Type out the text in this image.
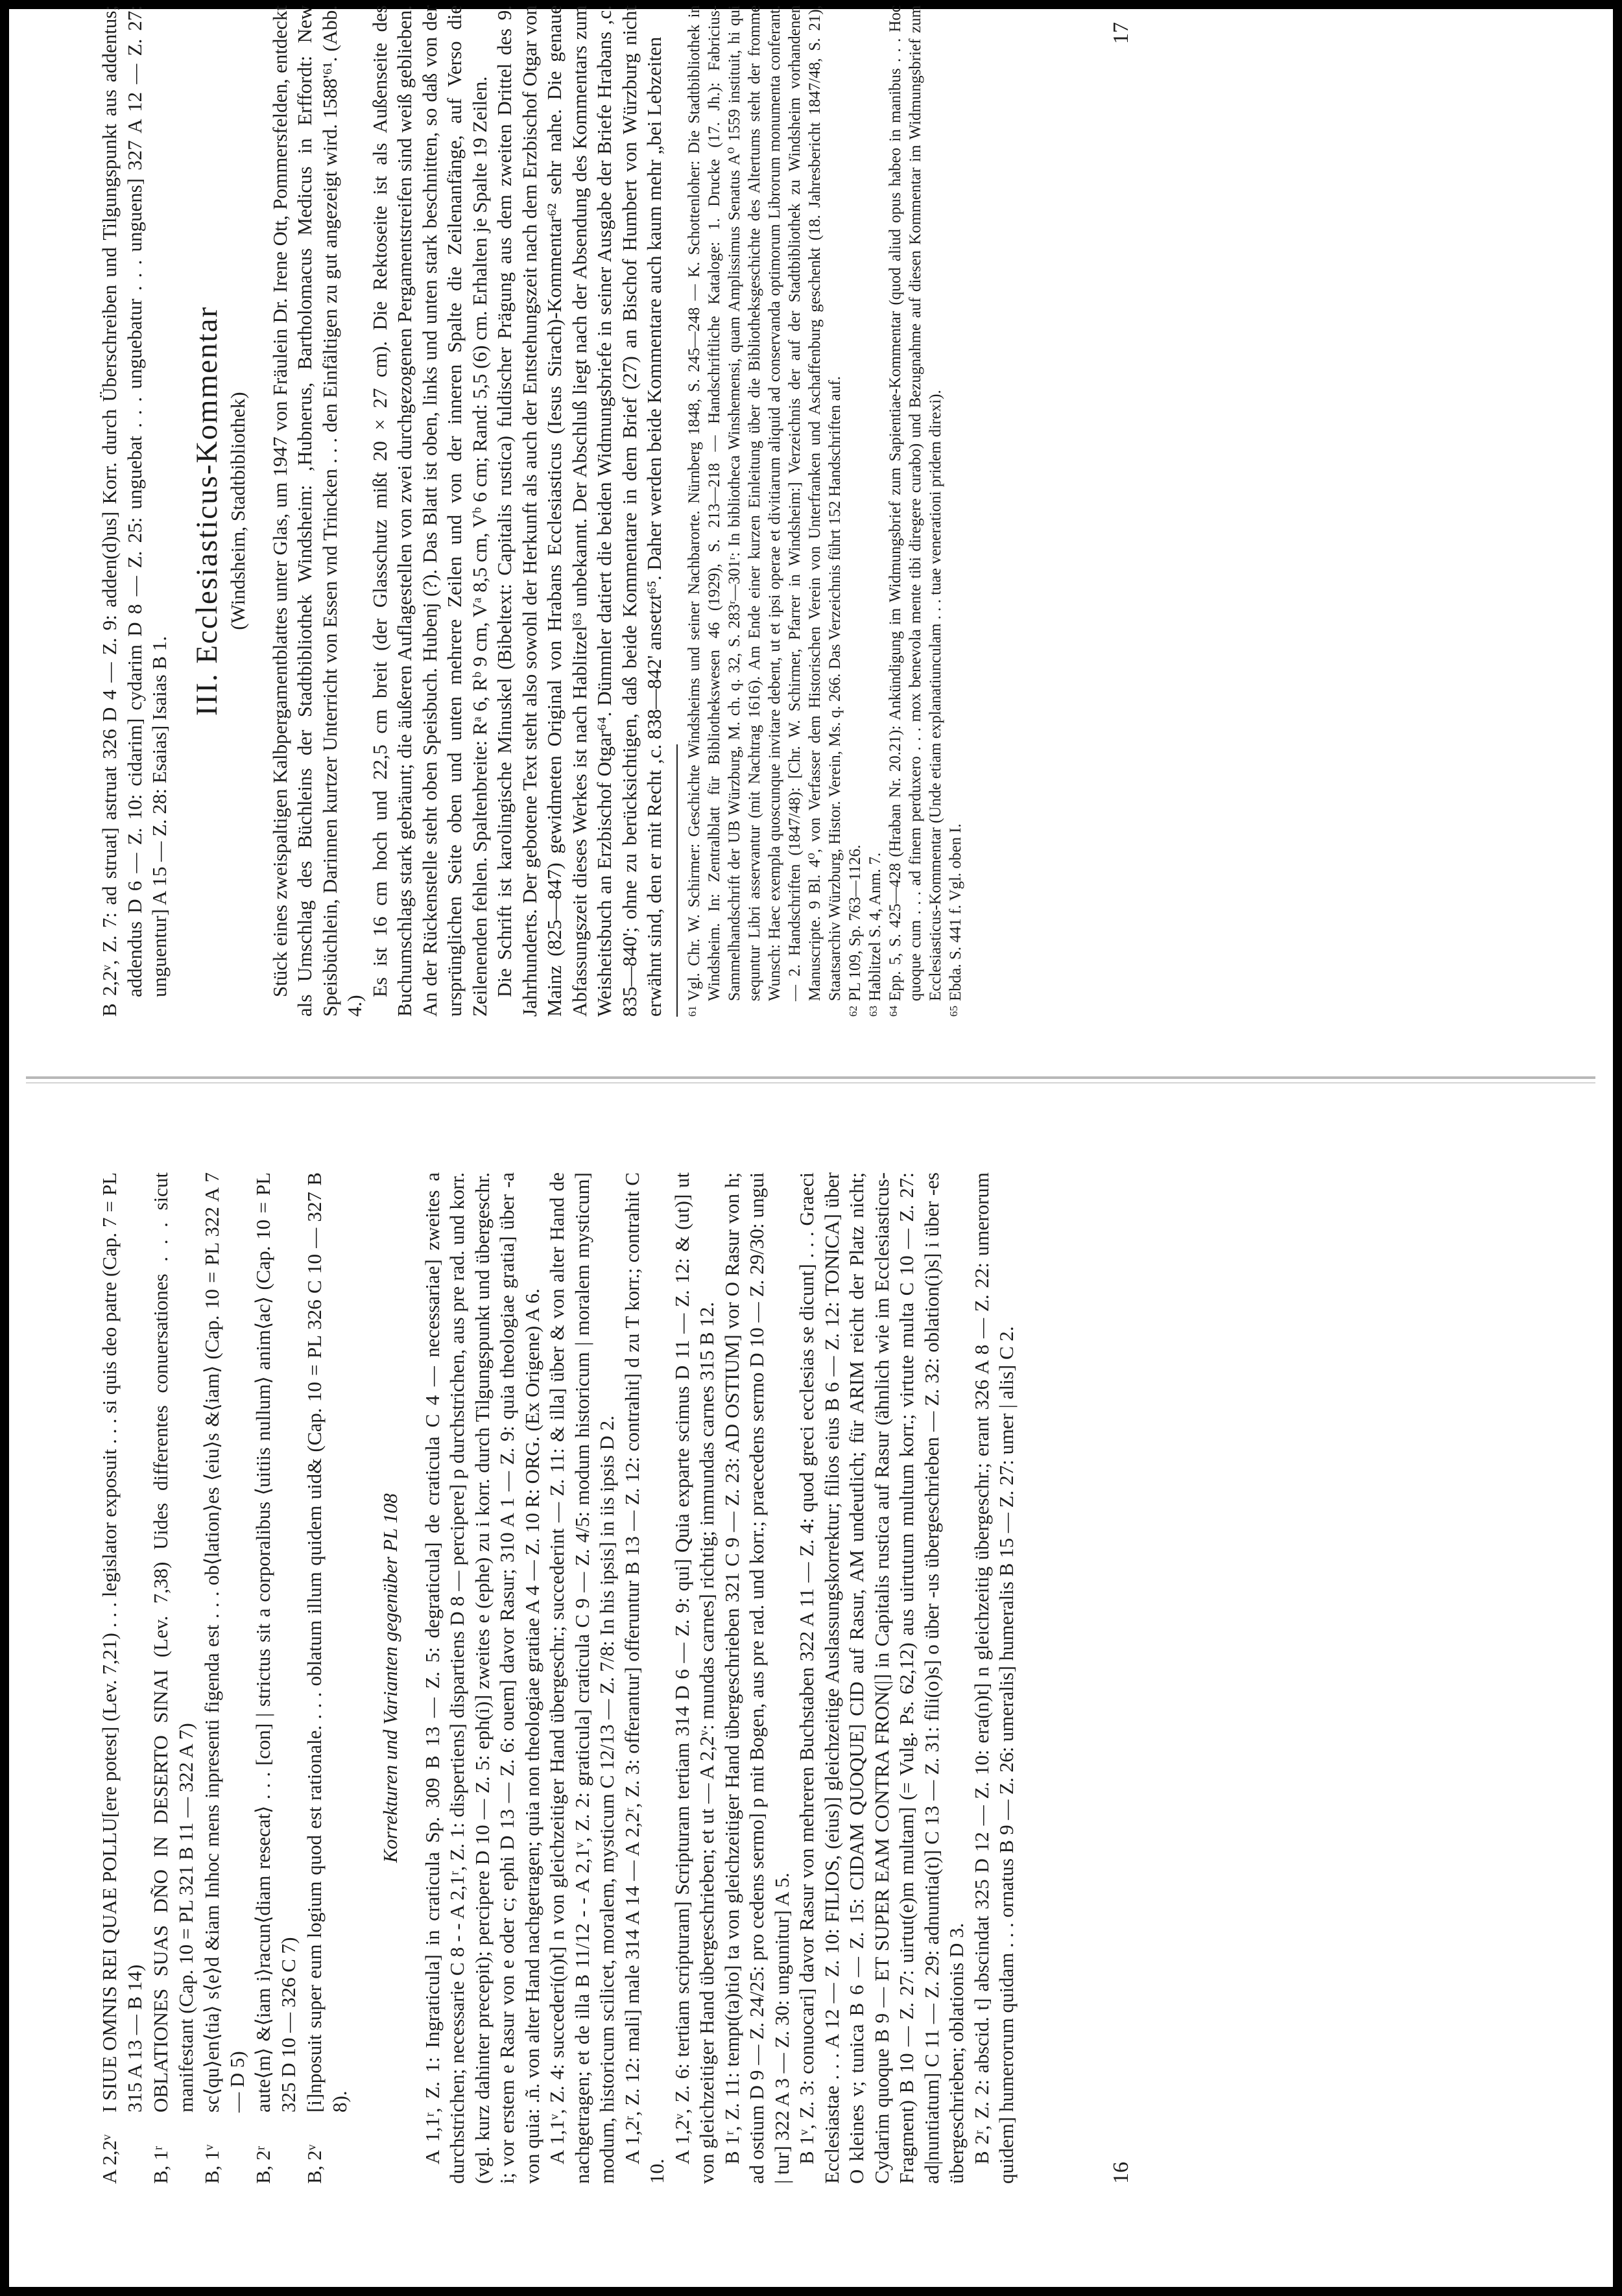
A 2,2ᵛ
I SIUE OMNIS REI QUAE POLLU[ere potest] (Lev. 7,21) . . . legislator exposuit . . . si quis deo patre (Cap. 7 = PL 315 A 13 — B 14)
B, 1ʳ
OBLATIONES SUAS DÑO IN DESERTO SINAI (Lev. 7,38) Uides differentes conuersationes . . . sicut manifestant (Cap. 10 = PL 321 B 11 — 322 A 7)
B, 1ᵛ
sc⟨qu⟩en⟨tia⟩ s⟨e⟩d &iam Inhoc mens inpresenti figenda est . . . ob⟨lation⟩es ⟨eiu⟩s &⟨iam⟩ (Cap. 10 = PL 322 A 7 — D 5)
B, 2ʳ
aute⟨m⟩ &⟨iam i⟩racun⟨diam resecat⟩ . . . [con] | strictus sit a corporalibus ⟨uitiis nullum⟩ anim⟨ac⟩ (Cap. 10 = PL 325 D 10 — 326 C 7)
B, 2ᵛ
[i]nposuit super eum logium quod est rationale. . . . oblatum illum quidem uid& (Cap. 10 = PL 326 C 10 — 327 B 8).
Korrekturen und Varianten gegenüber PL 108 A 1,1ʳ, Z. 1: Ingraticula] in craticula Sp. 309 B 13 — Z. 5: degraticula] de craticula C 4 — necessariae] zweites a durchstrichen; necessarie C 8 - - A 2,1ʳ, Z. 1: dispertiens] dispartiens D 8 — percipere] p durchstrichen, aus pre rad. und korr. (vgl. kurz dahinter precepit); percipere D 10 — Z. 5: eph(i)] zweites e (ephe) zu i korr. durch Tilgungspunkt und übergeschr. i; vor erstem e Rasur von e oder c; ephi D 13 — Z. 6: ouem] davor Rasur; 310 A 1 — Z. 9: quia theologiae gratia] über -a von quia: .ñ. von alter Hand nachgetragen; quia non theologiae gratiae A 4 — Z. 10 R: ORG. (Ex Origene) A 6. A 1,1ᵛ, Z. 4: succederi(n)t] n von gleichzeitiger Hand übergeschr.; succederint — Z. 11: & illa] über & von alter Hand de nachgetragen; et de illa B 11/12 - - A 2,1ᵛ, Z. 2: graticula] craticula C 9 — Z. 4/5: modum historicum | moralem mysticum] modum, historicum scilicet, moralem, mysticum C 12/13 — Z. 7/8: In his ipsis] in iis ipsis D 2. A 1,2ʳ, Z. 12: mali] male 314 A 14 — A 2,2ʳ, Z. 3: offerantur] offeruntur B 13 — Z. 12: contrahit] d zu T korr.; contrahit C 10.

A 1,2ᵛ, Z. 6: tertiam scripturam] Scripturam tertiam 314 D 6 — Z. 9: qui] Quia exparte scimus D 11 — Z. 12: & (ut)] ut von gleichzeitiger Hand übergeschrieben; et ut — A 2,2ᵛ: mundas carnes] richtig; immundas carnes 315 B 12. B 1ʳ, Z. 11: tempt(ta)tio] ta von gleichzeitiger Hand übergeschrieben 321 C 9 — Z. 23: AD OSTIUM] vor O Rasur von h; ad ostium D 9 — Z. 24/25: pro cedens sermo] p mit Bogen, aus pre rad. und korr.; praecedens sermo D 10 — Z. 29/30: ungui | tur] 322 A 3 — Z. 30: ungunitur] A 5. B 1ᵛ, Z. 3: conuocari] davor Rasur von mehreren Buchstaben 322 A 11 — Z. 4: quod greci ecclesias se dicunt] . . . Graeci Ecclesiastae . . . A 12 — Z. 10: FILIOS, (eius)] gleichzeitige Auslassungskorrektur; filios eius B 6 — Z. 12: TONICA] über O kleines v; tunica B 6 — Z. 15: CIDAM QUOQUE] CID auf Rasur, AM undeutlich; für ARIM reicht der Platz nicht; Cydarim quoque B 9 — ET SUPER EAM CONTRA FRON(|] in Capitalis rustica auf Rasur (ähnlich wie im Ecclesiasticus-Fragment) B 10 — Z. 27: uirtut(e)m multam] (= Vulg. Ps. 62,12) aus uirtutum multum korr.; virtute multa C 10 — Z. 27: ad|nuntiatum] C 11 — Z. 29: adnuntia(t)] C 13 — Z. 31: fili(o)s] o über -us übergeschrieben — Z. 32: oblation(i)s] i über -es übergeschrieben; oblationis D 3. B 2ʳ, Z. 2: abscid. t] abscindat 325 D 12 — Z. 10: era(n)t] n gleichzeitig übergeschr.; erant 326 A 8 — Z. 22: umerorum quidem] humerorum quidam . . . ornatus B 9 — Z. 26: umeralis] humeralis B 15 — Z. 27: umer | alis] C 2.	16

B 2,2ᵛ, Z. 7: ad struat] astruat 326 D 4 — Z. 9: adden(d)us] Korr. durch Überschreiben und Tilgungspunkt aus addentus; addendus D 6 — Z. 10: cidarim] cydarim D 8 — Z. 25: unguebat . . . unguebatur . . . unguens] 327 A 12 — Z. 27: unguentur] A 15 — Z. 28: Esaias] Isaias B 1.

III. Ecclesiasticus-Kommentar (Windsheim, Stadtbibliothek) Stück eines zweispaltigen Kalbpergamentblattes unter Glas, um 1947 von Fräulein Dr. Irene Ott, Pommersfelden, entdeckt als Umschlag des Büchleins der Stadtbibliothek Windsheim: ‚Hubnerus, Bartholomacus Medicus in Erffordt: New Speisbüchlein, Darinnen kurtzer Unterricht von Essen vnd Trincken . . . den Einfältigen zu gut angezeigt wird. 1588'⁶¹. (Abb. 4.)

Es ist 16 cm hoch und 22,5 cm breit (der Glasschutz mißt 20 × 27 cm). Die Rektoseite ist als Außenseite des Buchumschlags stark gebräunt; die äußeren Auflagestellen von zwei durchgezogenen Pergamentstreifen sind weiß geblieben. An der Rückenstelle steht oben Speisbuch. Hubenj (?). Das Blatt ist oben, links und unten stark beschnitten, so daß von der ursprünglichen Seite oben und unten mehrere Zeilen und von der inneren Spalte die Zeilenanfänge, auf Verso die Zeilenenden fehlen. Spaltenbreite: Rᵃ 6, Rᵇ 9 cm, Vᵃ 8,5 cm, Vᵇ 6 cm; Rand: 5,5 (6) cm. Erhalten je Spalte 19 Zeilen. Die Schrift ist karolingische Minuskel (Bibeltext: Capitalis rustica) fuldischer Prägung aus dem zweiten Drittel des 9. Jahrhunderts. Der gebotene Text steht also sowohl der Herkunft als auch der Entstehungszeit nach dem Erzbischof Otgar von Mainz (825—847) gewidmeten Original von Hrabans Ecclesiasticus (Iesus Sirach)-Kommentar⁶² sehr nahe. Die genaue Abfassungszeit dieses Werkes ist nach Hablitzel⁶³ unbekannt. Der Abschluß liegt nach der Absendung des Kommentars zum Weisheitsbuch an Erzbischof Otgar⁶⁴. Dümmler datiert die beiden Widmungsbriefe in seiner Ausgabe der Briefe Hrabans ‚c. 835—840'; ohne zu berücksichtigen, daß beide Kommentare in dem Brief (27) an Bischof Humbert von Würzburg nicht erwähnt sind, den er mit Recht ‚c. 838—842' ansetzt⁶⁵. Daher werden beide Kommentare auch kaum mehr „bei Lebzeiten 61
Vgl. Chr. W. Schirmer: Geschichte Windsheims und seiner Nachbarorte. Nürnberg 1848, S. 245—248 — K. Schottenloher: Die Stadtbibliothek in Windsheim. In: Zentralblatt für Bibliothekswesen 46 (1929), S. 213—218 — Handschriftliche Kataloge: 1. Drucke (17. Jh.): Fabricius-Sammelhandschrift der UB Würzburg, M. ch. q. 32, S. 283ʳ—301ʳ: In bibliotheca Winshemensi, quam Amplissimus Senatus A⁰ 1559 instituit, hi qui sequntur Libri asservantur (mit Nachtrag 1616). Am Ende einer kurzen Einleitung über die Bibliotheksgeschichte des Altertums steht der fromme Wunsch: Haec exempla quoscunque invitare debent, ut et ipsi operae et divitiarum aliquid ad conservanda optimorum Librorum monumenta conferant. — 2. Handschriften (1847/48): [Chr. W. Schirmer, Pfarrer in Windsheim:] Verzeichnis der auf der Stadtbibliothek zu Windsheim vorhandenen Manuscripte. 9 Bl. 4⁰, von Verfasser dem Historischen Verein von Unterfranken und Aschaffenburg geschenkt (18. Jahresbericht 1847/48, S. 21), Staatsarchiv Würzburg, Histor. Verein, Ms. q. 266. Das Verzeichnis führt 152 Handschriften auf.
62
PL 109, Sp. 763—1126.
63
Hablitzel S. 4, Anm. 7.
64
Epp. 5, S. 425—428 (Hraban Nr. 20.21): Ankündigung im Widmungsbrief zum Sapientiae-Kommentar (quod aliud opus habeo in manibus . . . Hoc quoque cum . . . ad finem perduxero . . . mox benevola mente tibi diregere curabo) und Bezugnahme auf diesen Kommentar im Widmungsbrief zum Ecclesiasticus-Kommentar (Unde etiam explanatiunculam . . . tuae venerationi pridem direxi).
65
Ebda. S. 441 f. Vgl. oben I.
17
